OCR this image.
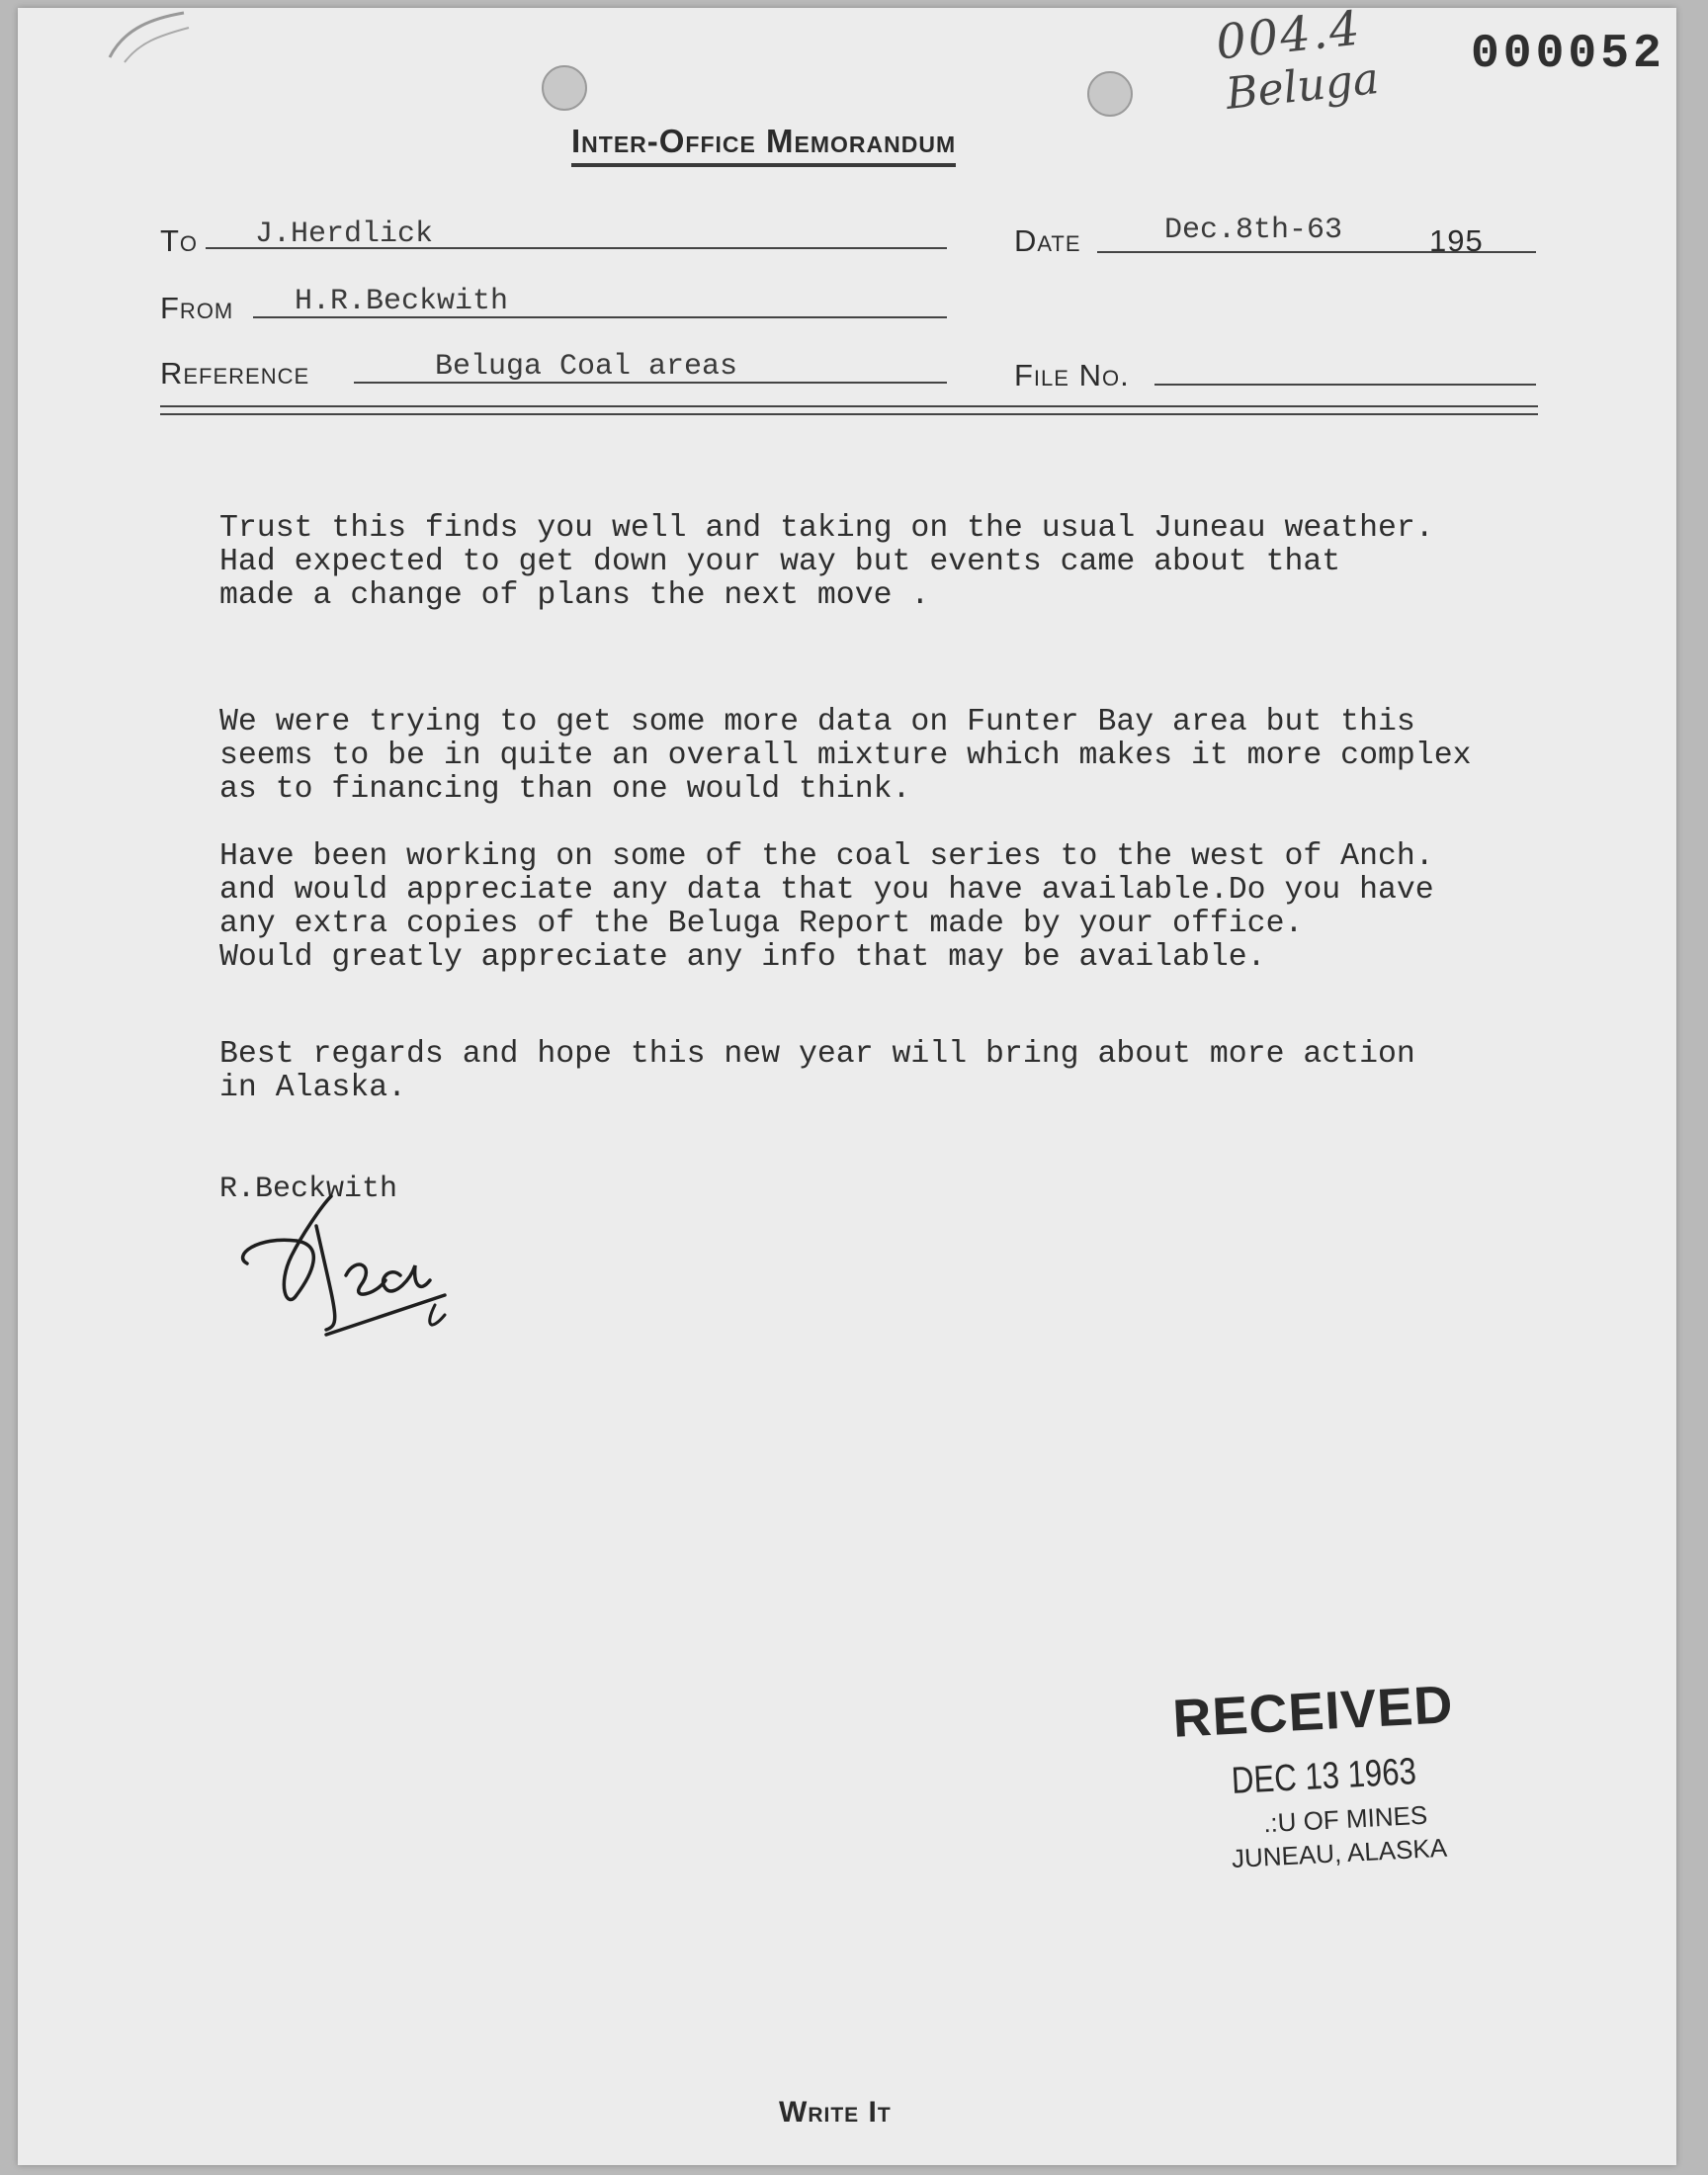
004.4
Beluga 000052
Inter-Office Memorandum
To J.Herdlick	Date	Dec.8th-63	195
From H.R.Beckwith
Reference	Beluga Coal areas	File No.
Trust this finds you well and taking on the usual Juneau weather.
Had expected to get down your way but events came about that
made a change of plans the next move .
We were trying to get some more data on Funter Bay area but this
seems to be in quite an overall mixture which makes it more complex
as to financing than one would think.
Have been working on some of the coal series to the west of Anch.
and would appreciate any data that you have available.Do you have
any extra copies of the Beluga Report made by your office.
Would greatly appreciate any info that may be available.
Best regards and hope this new year will bring about more action
in Alaska.
R.Beckwith
RECEIVED
DEC 13 1963
.:U OF MINES
JUNEAU, ALASKA
Write It
